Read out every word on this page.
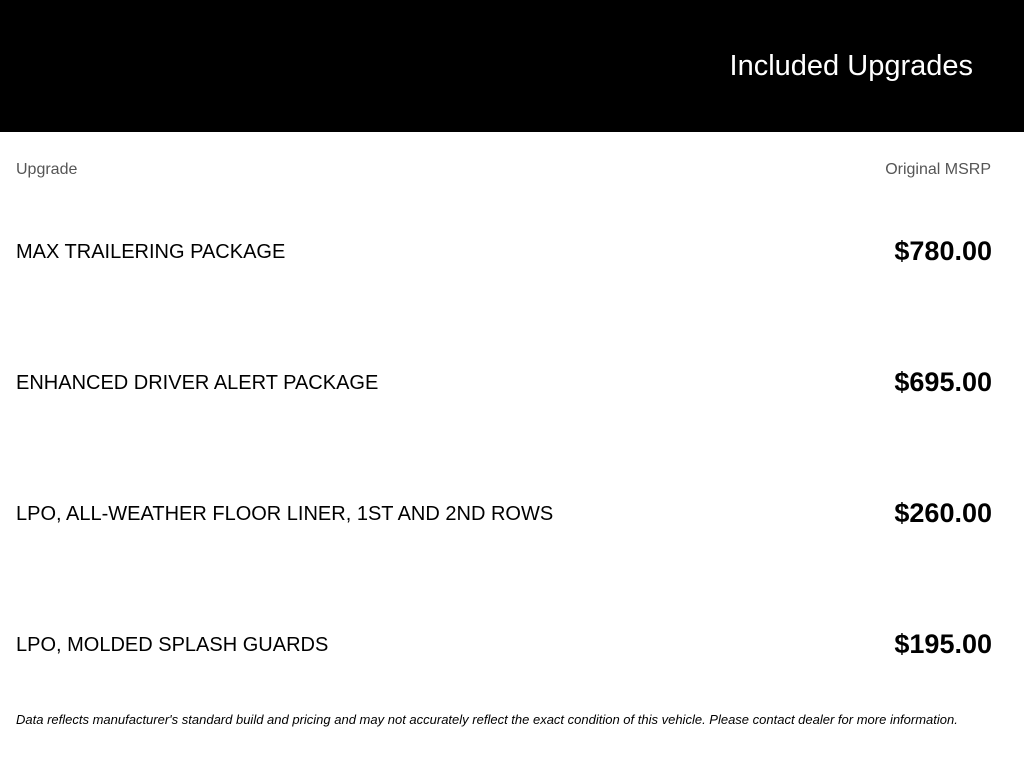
Included Upgrades
Upgrade	Original MSRP
MAX TRAILERING PACKAGE	$780.00
ENHANCED DRIVER ALERT PACKAGE	$695.00
LPO, ALL-WEATHER FLOOR LINER, 1ST AND 2ND ROWS	$260.00
LPO, MOLDED SPLASH GUARDS	$195.00
Data reflects manufacturer's standard build and pricing and may not accurately reflect the exact condition of this vehicle. Please contact dealer for more information.
